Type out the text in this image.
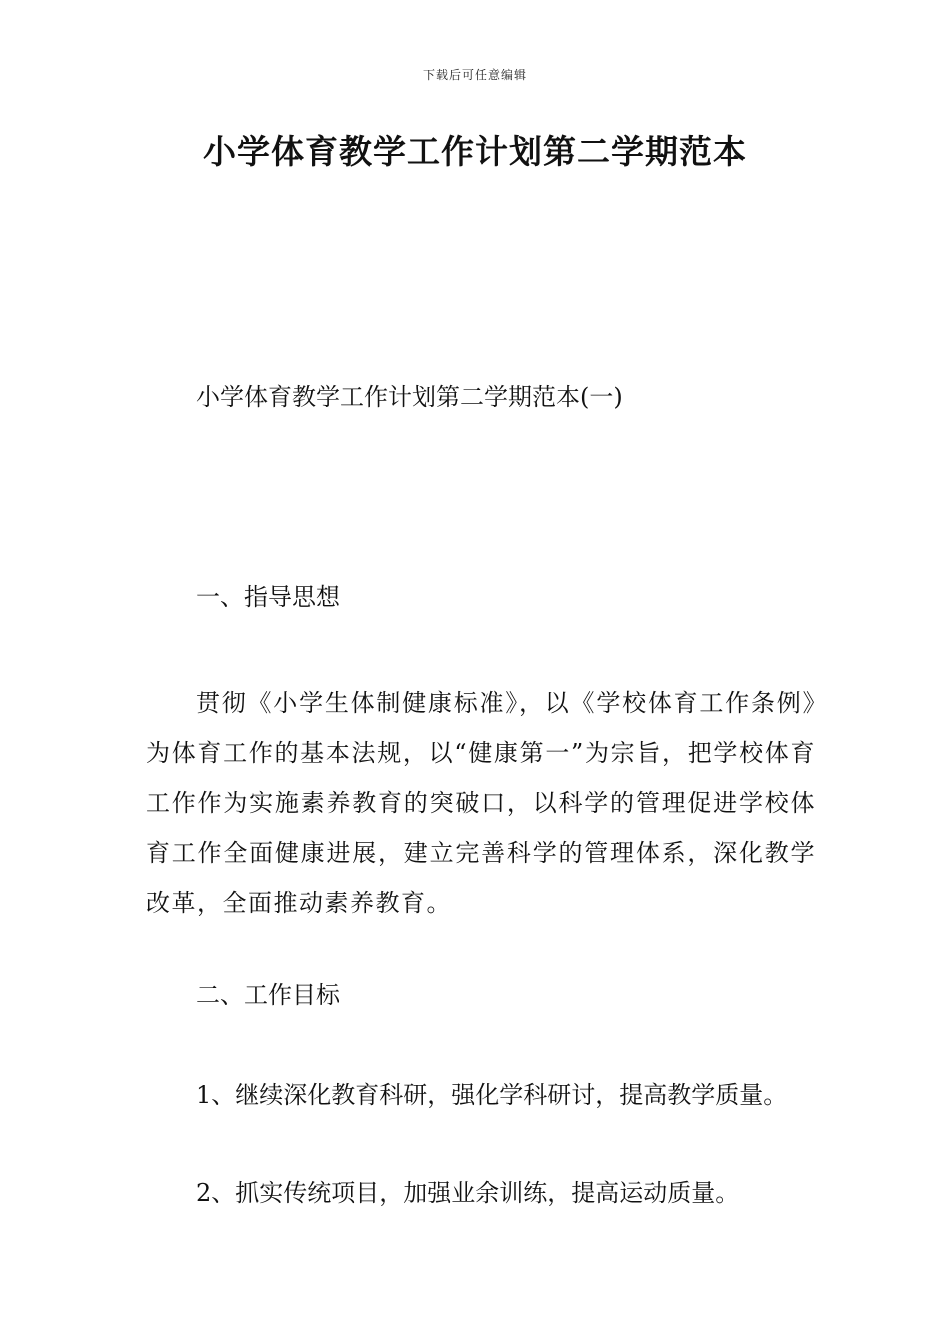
下载后可任意编辑
小学体育教学工作计划第二学期范本
小学体育教学工作计划第二学期范本(一)
一、指导思想
贯彻《小学生体制健康标准》，以《学校体育工作条例》为体育工作的基本法规，以“健康第一”为宗旨，把学校体育工作作为实施素养教育的突破口，以科学的管理促进学校体育工作全面健康进展，建立完善科学的管理体系，深化教学改革，全面推动素养教育。
二、工作目标
1、继续深化教育科研，强化学科研讨，提高教学质量。
2、抓实传统项目，加强业余训练，提高运动质量。
